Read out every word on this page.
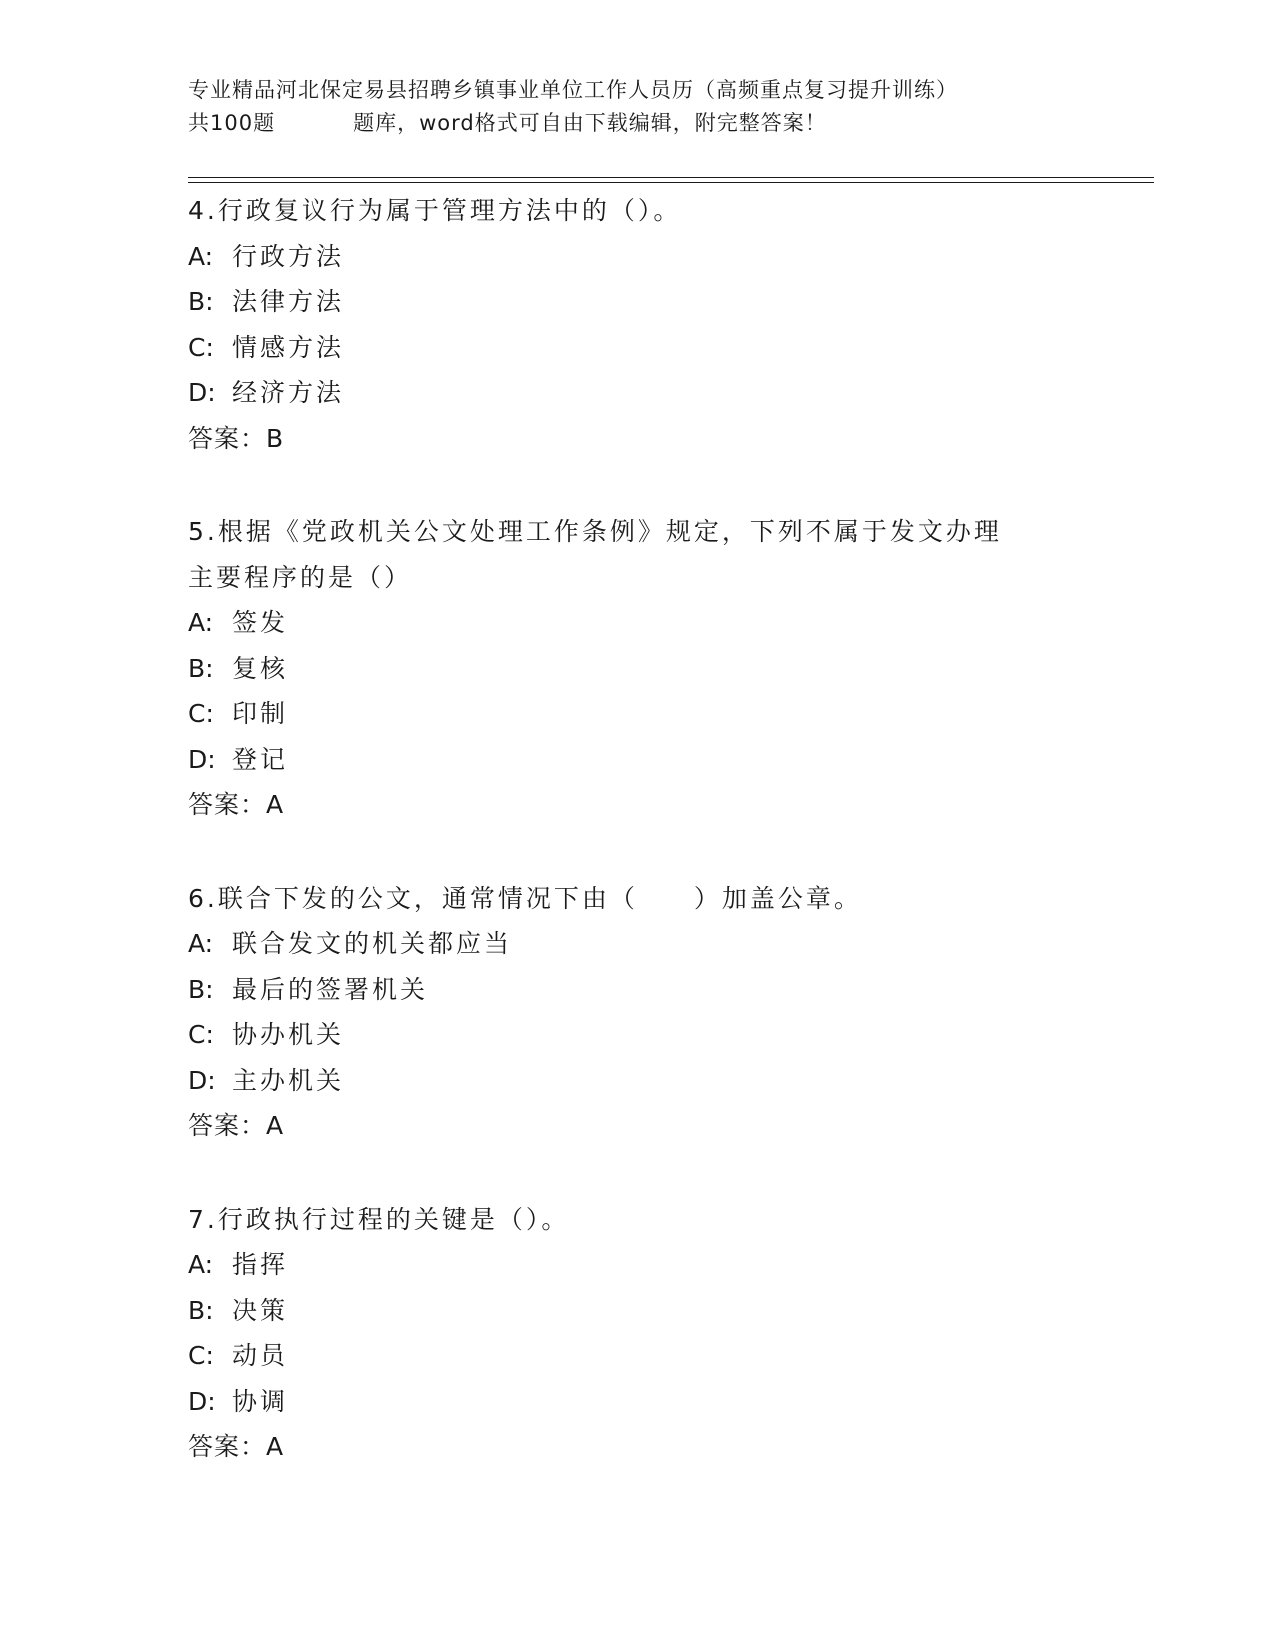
专业精品河北保定易县招聘乡镇事业单位工作人员历（高频重点复习提升训练）
共100题	题库，word格式可自由下载编辑，附完整答案！
4.行政复议行为属于管理方法中的（）。
A: 行政方法
B: 法律方法
C: 情感方法
D: 经济方法
答案：B
5.根据《党政机关公文处理工作条例》规定，下列不属于发文办理主要程序的是（）
A: 签发
B: 复核
C: 印制
D: 登记
答案：A
6.联合下发的公文，通常情况下由（　　）加盖公章。
A: 联合发文的机关都应当
B: 最后的签署机关
C: 协办机关
D: 主办机关
答案：A
7.行政执行过程的关键是（）。
A: 指挥
B: 决策
C: 动员
D: 协调
答案：A
